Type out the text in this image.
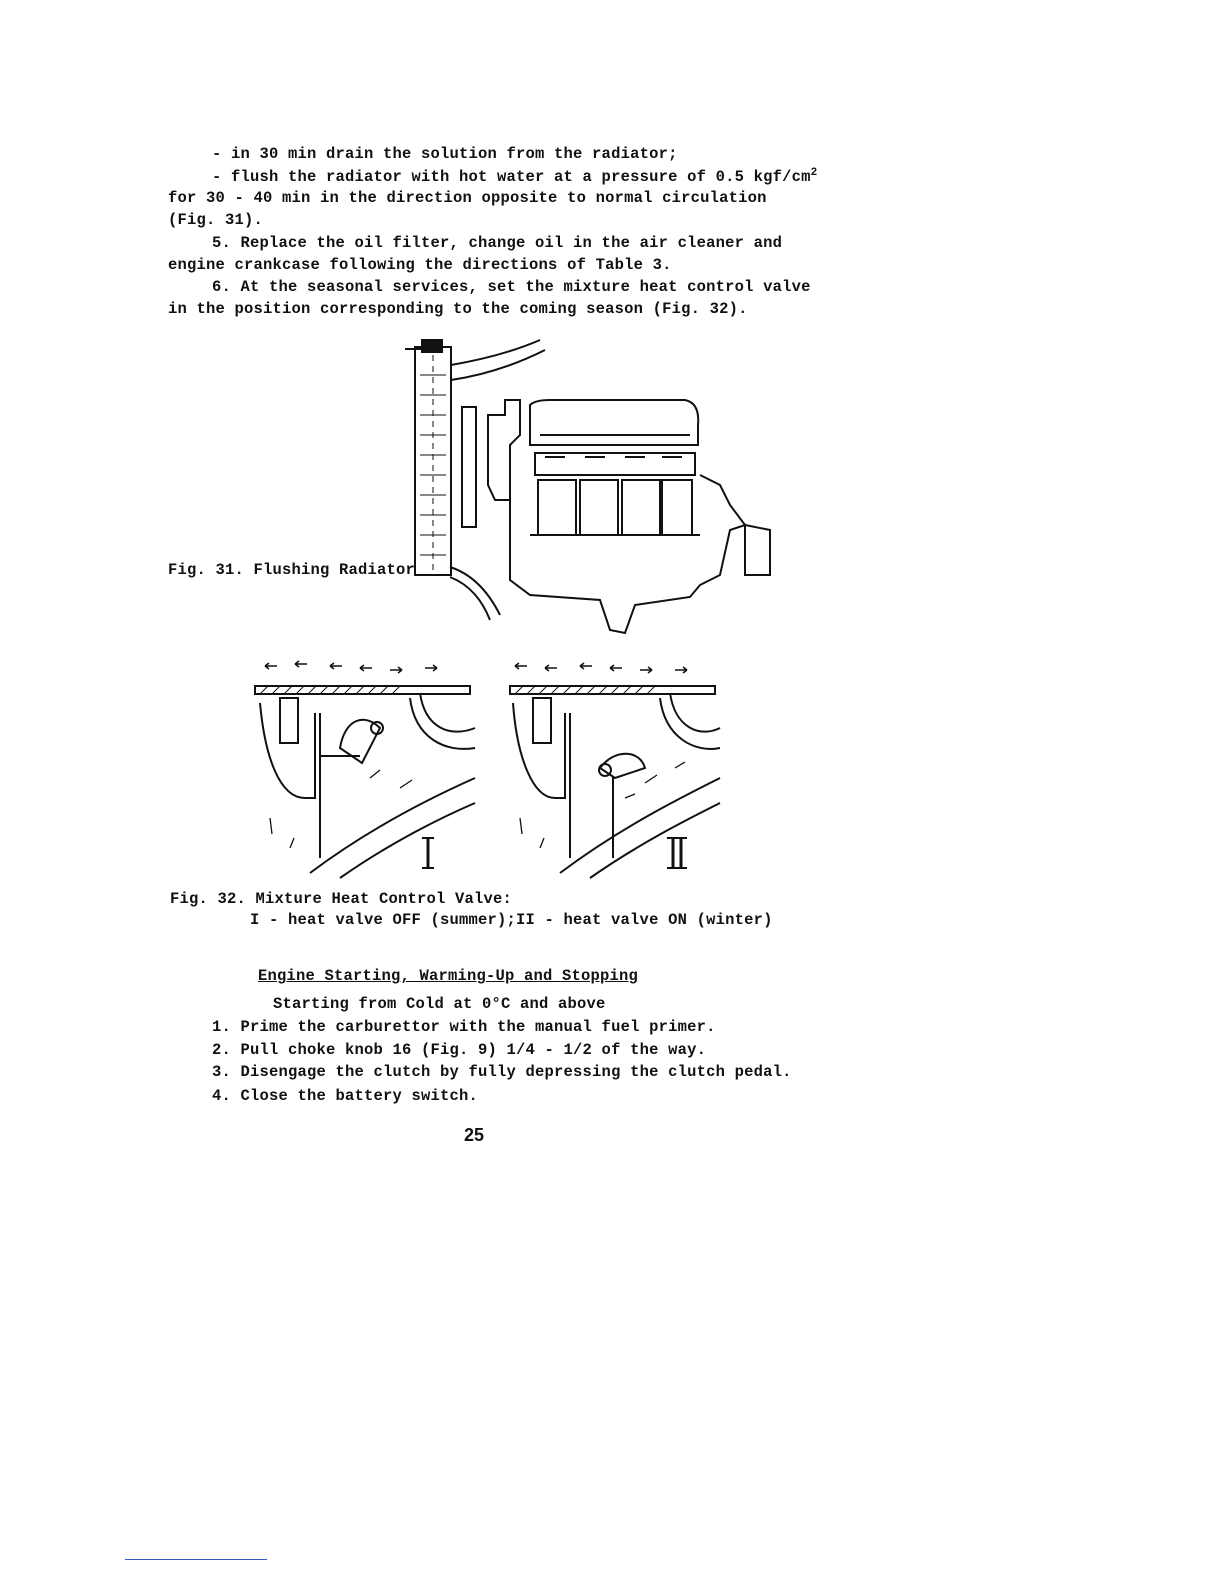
- in 30 min drain the solution from the radiator;
- flush the radiator with hot water at a pressure of 0.5 kgf/$cm^2$
for 30 - 40 min in the direction opposite to normal circulation
(Fig. 31).
5. Replace the oil filter, change oil in the air cleaner and
engine crankcase following the directions of Table 3.
6. At the seasonal services, set the mixture heat control valve
in the position corresponding to the coming season (Fig. 32).
Fig. 31. Flushing Radiator
Fig. 32. Mixture Heat Control Valve:
I - heat valve OFF (summer);II - heat valve ON (winter)
Engine Starting, Warming-Up and Stopping
Starting from Cold at 0°C and above
1. Prime the carburettor with the manual fuel primer.
2. Pull choke knob 16 (Fig. 9) 1/4 - 1/2 of the way.
3. Disengage the clutch by fully depressing the clutch pedal.
4. Close the battery switch.
25
